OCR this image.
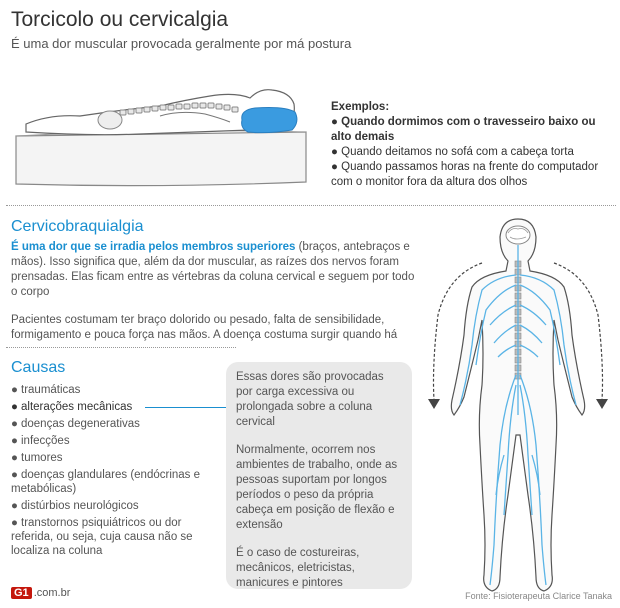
Torcicolo ou cervicalgia
É uma dor muscular provocada geralmente por má postura
Exemplos:
● Quando dormimos com o travesseiro baixo ou alto demais
● Quando deitamos no sofá com a cabeça torta
● Quando passamos horas na frente do computador com o monitor fora da altura dos olhos
Cervicobraquialgia
É uma dor que se irradia pelos membros superiores (braços, antebraços e mãos). Isso significa que, além da dor muscular, as raízes dos nervos foram prensadas. Elas ficam entre as vértebras da coluna cervical e seguem por todo o corpo
Pacientes costumam ter braço dolorido ou pesado, falta de sensibilidade, formigamento e pouca força nas mãos. A doença costuma surgir quando há
Causas
● traumáticas
● alterações mecânicas
● doenças degenerativas
● infecções
● tumores
● doenças glandulares (endócrinas e metabólicas)
● distúrbios neurológicos
● transtornos psiquiátricos ou dor referida, ou seja, cuja causa não se localiza na coluna

Essas dores são provocadas por carga excessiva ou prolongada sobre a coluna cervical

Normalmente, ocorrem nos ambientes de trabalho, onde as pessoas suportam por longos períodos o peso da própria cabeça em posição de flexão e extensão

É o caso de costureiras, mecânicos, eletricistas, manicures e pintores

G1 .com.br	Fonte: Fisioterapeuta Clarice Tanaka
